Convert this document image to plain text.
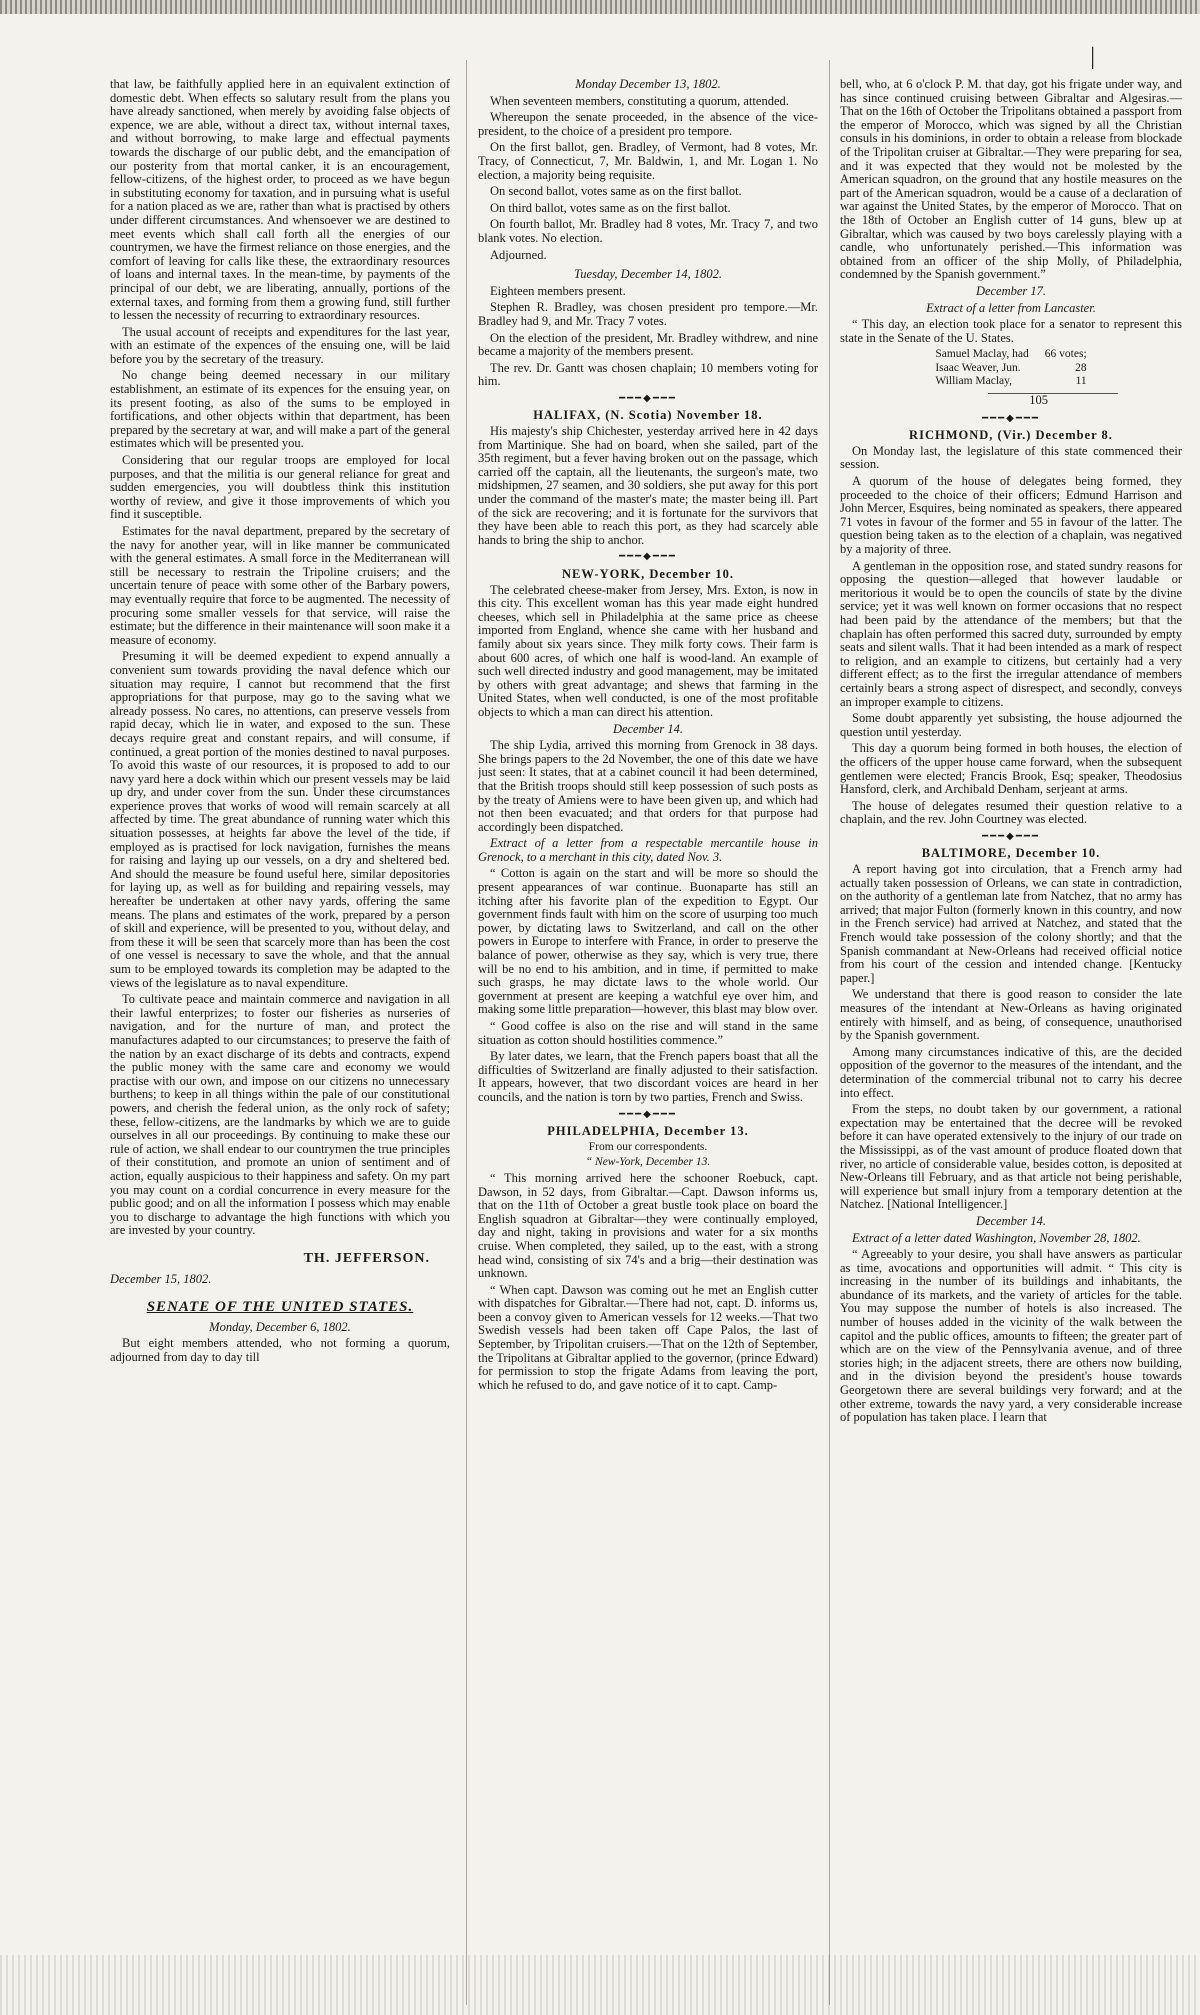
|

that law, be faithfully applied here in an equivalent extinction of domestic debt. When effects so salutary result from the plans you have already sanctioned, when merely by avoiding false objects of expence, we are able, without a direct tax, without internal taxes, and without borrowing, to make large and effectual payments towards the discharge of our public debt, and the emancipation of our posterity from that mortal canker, it is an encouragement, fellow-citizens, of the highest order, to proceed as we have begun in substituting economy for taxation, and in pursuing what is useful for a nation placed as we are, rather than what is practised by others under different circumstances. And whensoever we are destined to meet events which shall call forth all the energies of our countrymen, we have the firmest reliance on those energies, and the comfort of leaving for calls like these, the extraordinary resources of loans and internal taxes. In the mean-time, by payments of the principal of our debt, we are liberating, annually, portions of the external taxes, and forming from them a growing fund, still further to lessen the necessity of recurring to extraordinary resources.

The usual account of receipts and expenditures for the last year, with an estimate of the expences of the ensuing one, will be laid before you by the secretary of the treasury.

No change being deemed necessary in our military establishment, an estimate of its expences for the ensuing year, on its present footing, as also of the sums to be employed in fortifications, and other objects within that department, has been prepared by the secretary at war, and will make a part of the general estimates which will be presented you.

Considering that our regular troops are employed for local purposes, and that the militia is our general reliance for great and sudden emergencies, you will doubtless think this institution worthy of review, and give it those improvements of which you find it susceptible.

Estimates for the naval department, prepared by the secretary of the navy for another year, will in like manner be communicated with the general estimates. A small force in the Mediterranean will still be necessary to restrain the Tripoline cruisers; and the uncertain tenure of peace with some other of the Barbary powers, may eventually require that force to be augmented. The necessity of procuring some smaller vessels for that service, will raise the estimate; but the difference in their maintenance will soon make it a measure of economy.

Presuming it will be deemed expedient to expend annually a convenient sum towards providing the naval defence which our situation may require, I cannot but recommend that the first appropriations for that purpose, may go to the saving what we already possess. No cares, no attentions, can preserve vessels from rapid decay, which lie in water, and exposed to the sun. These decays require great and constant repairs, and will consume, if continued, a great portion of the monies destined to naval purposes. To avoid this waste of our resources, it is proposed to add to our navy yard here a dock within which our present vessels may be laid up dry, and under cover from the sun. Under these circumstances experience proves that works of wood will remain scarcely at all affected by time. The great abundance of running water which this situation possesses, at heights far above the level of the tide, if employed as is practised for lock navigation, furnishes the means for raising and laying up our vessels, on a dry and sheltered bed. And should the measure be found useful here, similar depositories for laying up, as well as for building and repairing vessels, may hereafter be undertaken at other navy yards, offering the same means. The plans and estimates of the work, prepared by a person of skill and experience, will be presented to you, without delay, and from these it will be seen that scarcely more than has been the cost of one vessel is necessary to save the whole, and that the annual sum to be employed towards its completion may be adapted to the views of the legislature as to naval expenditure.

To cultivate peace and maintain commerce and navigation in all their lawful enterprizes; to foster our fisheries as nurseries of navigation, and for the nurture of man, and protect the manufactures adapted to our circumstances; to preserve the faith of the nation by an exact discharge of its debts and contracts, expend the public money with the same care and economy we would practise with our own, and impose on our citizens no unnecessary burthens; to keep in all things within the pale of our constitutional powers, and cherish the federal union, as the only rock of safety; these, fellow-citizens, are the landmarks by which we are to guide ourselves in all our proceedings. By continuing to make these our rule of action, we shall endear to our countrymen the true principles of their constitution, and promote an union of sentiment and of action, equally auspicious to their happiness and safety. On my part you may count on a cordial concurrence in every measure for the public good; and on all the information I possess which may enable you to discharge to advantage the high functions with which you are invested by your country.

TH. JEFFERSON.

December 15, 1802.

SENATE OF THE UNITED STATES.

Monday, December 6, 1802.

But eight members attended, who not forming a quorum, adjourned from day to day till

Monday December 13, 1802.

When seventeen members, constituting a quorum, attended.

Whereupon the senate proceeded, in the absence of the vice-president, to the choice of a president pro tempore.

On the first ballot, gen. Bradley, of Vermont, had 8 votes, Mr. Tracy, of Connecticut, 7, Mr. Baldwin, 1, and Mr. Logan 1. No election, a majority being requisite.

On second ballot, votes same as on the first ballot.

On third ballot, votes same as on the first ballot.

On fourth ballot, Mr. Bradley had 8 votes, Mr. Tracy 7, and two blank votes. No election.

Adjourned.

Tuesday, December 14, 1802.

Eighteen members present.

Stephen R. Bradley, was chosen president pro tempore.—Mr. Bradley had 9, and Mr. Tracy 7 votes.

On the election of the president, Mr. Bradley withdrew, and nine became a majority of the members present.

The rev. Dr. Gantt was chosen chaplain; 10 members voting for him.

━━━◆━━━

HALIFAX, (N. Scotia) November 18.

His majesty's ship Chichester, yesterday arrived here in 42 days from Martinique. She had on board, when she sailed, part of the 35th regiment, but a fever having broken out on the passage, which carried off the captain, all the lieutenants, the surgeon's mate, two midshipmen, 27 seamen, and 30 soldiers, she put away for this port under the command of the master's mate; the master being ill. Part of the sick are recovering; and it is fortunate for the survivors that they have been able to reach this port, as they had scarcely able hands to bring the ship to anchor.

━━━◆━━━

NEW-YORK, December 10.

The celebrated cheese-maker from Jersey, Mrs. Exton, is now in this city. This excellent woman has this year made eight hundred cheeses, which sell in Philadelphia at the same price as cheese imported from England, whence she came with her husband and family about six years since. They milk forty cows. Their farm is about 600 acres, of which one half is wood-land. An example of such well directed industry and good management, may be imitated by others with great advantage; and shews that farming in the United States, when well conducted, is one of the most profitable objects to which a man can direct his attention.

December 14.

The ship Lydia, arrived this morning from Grenock in 38 days. She brings papers to the 2d November, the one of this date we have just seen: It states, that at a cabinet council it had been determined, that the British troops should still keep possession of such posts as by the treaty of Amiens were to have been given up, and which had not then been evacuated; and that orders for that purpose had accordingly been dispatched.

Extract of a letter from a respectable mercantile house in Grenock, to a merchant in this city, dated Nov. 3.

“ Cotton is again on the start and will be more so should the present appearances of war continue. Buonaparte has still an itching after his favorite plan of the expedition to Egypt. Our government finds fault with him on the score of usurping too much power, by dictating laws to Switzerland, and call on the other powers in Europe to interfere with France, in order to preserve the balance of power, otherwise as they say, which is very true, there will be no end to his ambition, and in time, if permitted to make such grasps, he may dictate laws to the whole world. Our government at present are keeping a watchful eye over him, and making some little preparation—however, this blast may blow over.

“ Good coffee is also on the rise and will stand in the same situation as cotton should hostilities commence.”

By later dates, we learn, that the French papers boast that all the difficulties of Switzerland are finally adjusted to their satisfaction. It appears, however, that two discordant voices are heard in her councils, and the nation is torn by two parties, French and Swiss.

━━━◆━━━

PHILADELPHIA, December 13.

From our correspondents.

“ New-York, December 13.

“ This morning arrived here the schooner Roebuck, capt. Dawson, in 52 days, from Gibraltar.—Capt. Dawson informs us, that on the 11th of October a great bustle took place on board the English squadron at Gibraltar—they were continually employed, day and night, taking in provisions and water for a six months cruise. When completed, they sailed, up to the east, with a strong head wind, consisting of six 74's and a brig—their destination was unknown.

“ When capt. Dawson was coming out he met an English cutter with dispatches for Gibraltar.—There had not, capt. D. informs us, been a convoy given to American vessels for 12 weeks.—That two Swedish vessels had been taken off Cape Palos, the last of September, by Tripolitan cruisers.—That on the 12th of September, the Tripolitans at Gibraltar applied to the governor, (prince Edward) for permission to stop the frigate Adams from leaving the port, which he refused to do, and gave notice of it to capt. Camp-

bell, who, at 6 o'clock P. M. that day, got his frigate under way, and has since continued cruising between Gibraltar and Algesiras.—That on the 16th of October the Tripolitans obtained a passport from the emperor of Morocco, which was signed by all the Christian consuls in his dominions, in order to obtain a release from blockade of the Tripolitan cruiser at Gibraltar.—They were preparing for sea, and it was expected that they would not be molested by the American squadron, on the ground that any hostile measures on the part of the American squadron, would be a cause of a declaration of war against the United States, by the emperor of Morocco. That on the 18th of October an English cutter of 14 guns, blew up at Gibraltar, which was caused by two boys carelessly playing with a candle, who unfortunately perished.—This information was obtained from an officer of the ship Molly, of Philadelphia, condemned by the Spanish government.”

December 17.

Extract of a letter from Lancaster.

“ This day, an election took place for a senator to represent this state in the Senate of the U. States.

Samuel Maclay, had	66 votes;
Isaac Weaver, Jun.	28
William Maclay,	11

105

━━━◆━━━

RICHMOND, (Vir.) December 8.

On Monday last, the legislature of this state commenced their session.

A quorum of the house of delegates being formed, they proceeded to the choice of their officers; Edmund Harrison and John Mercer, Esquires, being nominated as speakers, there appeared 71 votes in favour of the former and 55 in favour of the latter. The question being taken as to the election of a chaplain, was negatived by a majority of three.

A gentleman in the opposition rose, and stated sundry reasons for opposing the question—alleged that however laudable or meritorious it would be to open the councils of state by the divine service; yet it was well known on former occasions that no respect had been paid by the attendance of the members; but that the chaplain has often performed this sacred duty, surrounded by empty seats and silent walls. That it had been intended as a mark of respect to religion, and an example to citizens, but certainly had a very different effect; as to the first the irregular attendance of members certainly bears a strong aspect of disrespect, and secondly, conveys an improper example to citizens.

Some doubt apparently yet subsisting, the house adjourned the question until yesterday.

This day a quorum being formed in both houses, the election of the officers of the upper house came forward, when the subsequent gentlemen were elected; Francis Brook, Esq; speaker, Theodosius Hansford, clerk, and Archibald Denham, serjeant at arms.

The house of delegates resumed their question relative to a chaplain, and the rev. John Courtney was elected.

━━━◆━━━

BALTIMORE, December 10.

A report having got into circulation, that a French army had actually taken possession of Orleans, we can state in contradiction, on the authority of a gentleman late from Natchez, that no army has arrived; that major Fulton (formerly known in this country, and now in the French service) had arrived at Natchez, and stated that the French would take possession of the colony shortly; and that the Spanish commandant at New-Orleans had received official notice from his court of the cession and intended change. [Kentucky paper.]

We understand that there is good reason to consider the late measures of the intendant at New-Orleans as having originated entirely with himself, and as being, of consequence, unauthorised by the Spanish government.

Among many circumstances indicative of this, are the decided opposition of the governor to the measures of the intendant, and the determination of the commercial tribunal not to carry his decree into effect.

From the steps, no doubt taken by our government, a rational expectation may be entertained that the decree will be revoked before it can have operated extensively to the injury of our trade on the Mississippi, as of the vast amount of produce floated down that river, no article of considerable value, besides cotton, is deposited at New-Orleans till February, and as that article not being perishable, will experience but small injury from a temporary detention at the Natchez. [National Intelligencer.]

December 14.

Extract of a letter dated Washington, November 28, 1802.

“ Agreeably to your desire, you shall have answers as particular as time, avocations and opportunities will admit. “ This city is increasing in the number of its buildings and inhabitants, the abundance of its markets, and the variety of articles for the table. You may suppose the number of hotels is also increased. The number of houses added in the vicinity of the walk between the capitol and the public offices, amounts to fifteen; the greater part of which are on the view of the Pennsylvania avenue, and of three stories high; in the adjacent streets, there are others now building, and in the division beyond the president's house towards Georgetown there are several buildings very forward; and at the other extreme, towards the navy yard, a very considerable increase of population has taken place. I learn that
